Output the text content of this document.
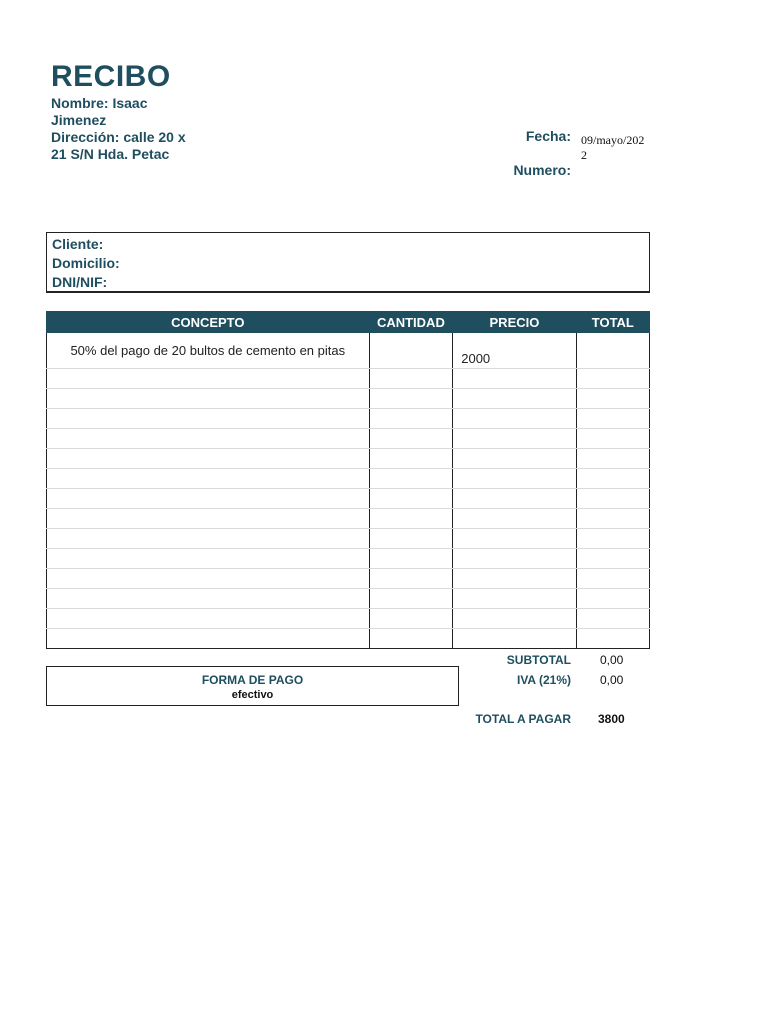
RECIBO
Nombre: Isaac
Jimenez
Dirección: calle 20 x
21 S/N Hda. Petac
Fecha: 09/mayo/2022
Numero:
Cliente:
Domicilio:
DNI/NIF:
CONCEPTO	CANTIDAD	PRECIO	TOTAL
50% del pago de 20 bultos de cemento en pitas		2000	

SUBTOTAL 0,00
IVA (21%) 0,00
TOTAL A PAGAR 3800
FORMA DE PAGO
efectivo
